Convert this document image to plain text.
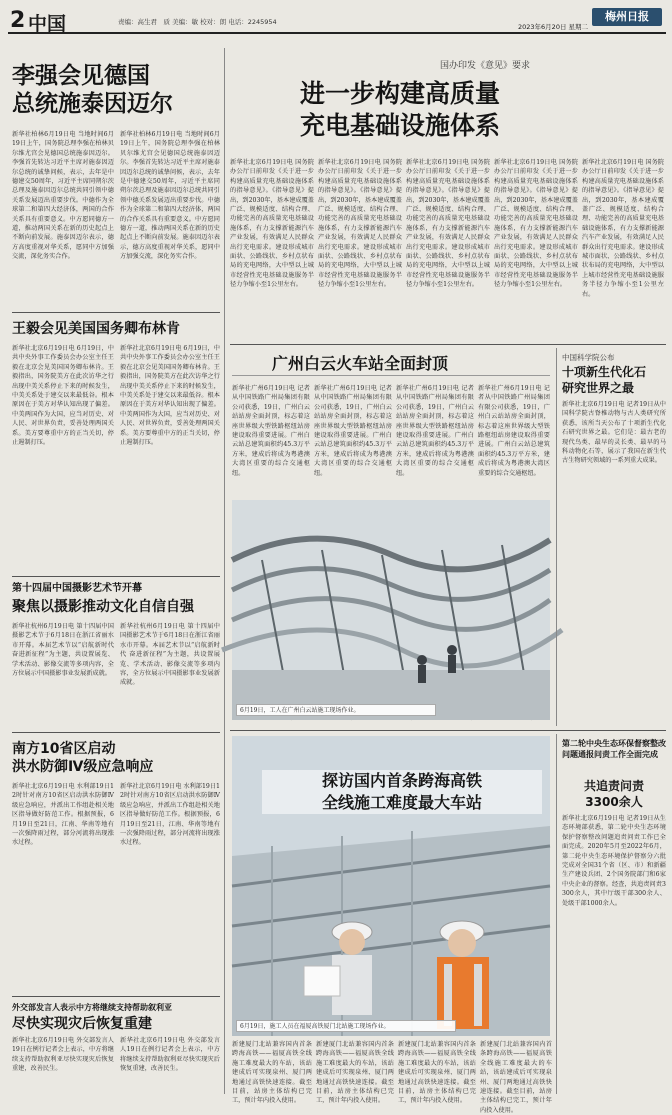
2 中国	责编：高生君　质 美编：敏 校对：朗 电话：2245954
2023年6月20日 星期二
梅州日报
李强会见德国
总统施泰因迈尔
新华社柏林6月19日电 当地时间6月19日上午，国务院总理李强在柏林贝尔维尤宫会见德国总统施泰因迈尔。李强首先转达习近平主席对施泰因迈尔总统的诚挚问候，表示，去年是中德建交50周年，习近平主席同朔尔茨总理及施泰因迈尔总统共同引领中德关系发展迈出重要步伐。中德作为全球第二和第四大经济体，两国的合作关系具有重要意义。中方愿同德方一道，推动两国关系在新的历史起点上不断向前发展。施泰因迈尔表示，德方高度重视对华关系，愿同中方加强交流，深化务实合作。
新华社柏林6月19日电 当地时间6月19日上午，国务院总理李强在柏林贝尔维尤宫会见德国总统施泰因迈尔。李强首先转达习近平主席对施泰因迈尔总统的诚挚问候，表示，去年是中德建交50周年，习近平主席同朔尔茨总理及施泰因迈尔总统共同引领中德关系发展迈出重要步伐。中德作为全球第二和第四大经济体，两国的合作关系具有重要意义。中方愿同德方一道，推动两国关系在新的历史起点上不断向前发展。施泰因迈尔表示，德方高度重视对华关系，愿同中方加强交流，深化务实合作。
王毅会见美国国务卿布林肯
新华社北京6月19日电 6月19日，中共中央外事工作委员会办公室主任王毅在北京会见美国国务卿布林肯。王毅指出，国务院美方在此次访华之行出现中美关系停止下来的时候发生，中美关系处于建交以来最低谷。根本原因在于美方对华认知出现了偏差。中美两国作为大国，应当对历史、对人民、对世界负责，妥善处理两国关系。美方要尊重中方的正当关切，停止遏制打压。
新华社北京6月19日电 6月19日，中共中央外事工作委员会办公室主任王毅在北京会见美国国务卿布林肯。王毅指出，国务院美方在此次访华之行出现中美关系停止下来的时候发生，中美关系处于建交以来最低谷。根本原因在于美方对华认知出现了偏差。中美两国作为大国，应当对历史、对人民、对世界负责，妥善处理两国关系。美方要尊重中方的正当关切，停止遏制打压。
第十四届中国摄影艺术节开幕
聚焦以摄影推动文化自信自强
新华社杭州6月19日电 第十四届中国摄影艺术节于6月18日在浙江省丽水市开幕。本届艺术节以“启航新时代 奋进新征程”为主题，共设置展览、学术活动、影像交流等多项内容，全方位展示中国摄影事业发展新成就。
新华社杭州6月19日电 第十四届中国摄影艺术节于6月18日在浙江省丽水市开幕。本届艺术节以“启航新时代 奋进新征程”为主题，共设置展览、学术活动、影像交流等多项内容，全方位展示中国摄影事业发展新成就。
南方10省区启动
洪水防御Ⅳ级应急响应
新华社北京6月19日电 水利部19日12时针对南方10省区启动洪水防御Ⅳ级应急响应，并派出工作组赴相关地区指导做好防范工作。根据预报，6月19日至21日，江南、华南等地有一次强降雨过程，部分河流将出现涨水过程。
新华社北京6月19日电 水利部19日12时针对南方10省区启动洪水防御Ⅳ级应急响应，并派出工作组赴相关地区指导做好防范工作。根据预报，6月19日至21日，江南、华南等地有一次强降雨过程，部分河流将出现涨水过程。
外交部发言人表示中方将继续支持帮助叙利亚
尽快实现灾后恢复重建
新华社北京6月19日电 外交部发言人19日在例行记者会上表示，中方将继续支持帮助叙利亚尽快实现灾后恢复重建，改善民生。
新华社北京6月19日电 外交部发言人19日在例行记者会上表示，中方将继续支持帮助叙利亚尽快实现灾后恢复重建，改善民生。
国办印发《意见》要求
进一步构建高质量
充电基础设施体系
新华社北京6月19日电 国务院办公厅日前印发《关于进一步构建高质量充电基础设施体系的指导意见》。《指导意见》提出，到2030年，基本建成覆盖广泛、规模适度、结构合理、功能完善的高质量充电基础设施体系，有力支撑新能源汽车产业发展，有效满足人民群众出行充电需求。建设形成城市面状、公路线状、乡村点状布局的充电网络，大中型以上城市经营性充电基础设施服务半径力争缩小至1公里左右。
新华社北京6月19日电 国务院办公厅日前印发《关于进一步构建高质量充电基础设施体系的指导意见》。《指导意见》提出，到2030年，基本建成覆盖广泛、规模适度、结构合理、功能完善的高质量充电基础设施体系，有力支撑新能源汽车产业发展，有效满足人民群众出行充电需求。建设形成城市面状、公路线状、乡村点状布局的充电网络，大中型以上城市经营性充电基础设施服务半径力争缩小至1公里左右。
新华社北京6月19日电 国务院办公厅日前印发《关于进一步构建高质量充电基础设施体系的指导意见》。《指导意见》提出，到2030年，基本建成覆盖广泛、规模适度、结构合理、功能完善的高质量充电基础设施体系，有力支撑新能源汽车产业发展，有效满足人民群众出行充电需求。建设形成城市面状、公路线状、乡村点状布局的充电网络，大中型以上城市经营性充电基础设施服务半径力争缩小至1公里左右。
新华社北京6月19日电 国务院办公厅日前印发《关于进一步构建高质量充电基础设施体系的指导意见》。《指导意见》提出，到2030年，基本建成覆盖广泛、规模适度、结构合理、功能完善的高质量充电基础设施体系，有力支撑新能源汽车产业发展，有效满足人民群众出行充电需求。建设形成城市面状、公路线状、乡村点状布局的充电网络，大中型以上城市经营性充电基础设施服务半径力争缩小至1公里左右。
新华社北京6月19日电 国务院办公厅日前印发《关于进一步构建高质量充电基础设施体系的指导意见》。《指导意见》提出，到2030年，基本建成覆盖广泛、规模适度、结构合理、功能完善的高质量充电基础设施体系，有力支撑新能源汽车产业发展，有效满足人民群众出行充电需求。建设形成城市面状、公路线状、乡村点状布局的充电网络，大中型以上城市经营性充电基础设施服务半径力争缩小至1公里左右。
广州白云火车站全面封顶
新华社广州6月19日电 记者从中国铁路广州局集团有限公司获悉，19日，广州白云站站房全面封顶，标志着这座世界级大型铁路枢纽站房建设取得重要进展。广州白云站总建筑面积约45.3万平方米，建成后将成为粤港澳大湾区重要的综合交通枢纽。
新华社广州6月19日电 记者从中国铁路广州局集团有限公司获悉，19日，广州白云站站房全面封顶，标志着这座世界级大型铁路枢纽站房建设取得重要进展。广州白云站总建筑面积约45.3万平方米，建成后将成为粤港澳大湾区重要的综合交通枢纽。
新华社广州6月19日电 记者从中国铁路广州局集团有限公司获悉，19日，广州白云站站房全面封顶，标志着这座世界级大型铁路枢纽站房建设取得重要进展。广州白云站总建筑面积约45.3万平方米，建成后将成为粤港澳大湾区重要的综合交通枢纽。
新华社广州6月19日电 记者从中国铁路广州局集团有限公司获悉，19日，广州白云站站房全面封顶，标志着这座世界级大型铁路枢纽站房建设取得重要进展。广州白云站总建筑面积约45.3万平方米，建成后将成为粤港澳大湾区重要的综合交通枢纽。
6月19日，工人在广州白云站施工现场作业。
中国科学院公布
十项新生代化石
研究世界之最
新华社北京6月19日电 记者19日从中国科学院古脊椎动物与古人类研究所获悉，该所当天公布了十项新生代化石研究世界之最。它们是：最古老的现代鸟类、最早的灵长类、最早的马科动物化石等，展示了我国在新生代古生物研究领域的一系列重大成果。
探访国内首条跨海高铁
全线施工难度最大车站
6月19日，施工人员在福厦高铁厦门北站施工现场作业。
新建厦门北站兼容国内首条跨海高铁——福厦高铁全线施工难度最大的车站，该站建成后可实现泉州、厦门两地通过高铁快速连接。截至目前，站房主体结构已完工，预计年内投入使用。
新建厦门北站兼容国内首条跨海高铁——福厦高铁全线施工难度最大的车站，该站建成后可实现泉州、厦门两地通过高铁快速连接。截至目前，站房主体结构已完工，预计年内投入使用。
新建厦门北站兼容国内首条跨海高铁——福厦高铁全线施工难度最大的车站，该站建成后可实现泉州、厦门两地通过高铁快速连接。截至目前，站房主体结构已完工，预计年内投入使用。
新建厦门北站兼容国内首条跨海高铁——福厦高铁全线施工难度最大的车站，该站建成后可实现泉州、厦门两地通过高铁快速连接。截至目前，站房主体结构已完工，预计年内投入使用。
第二轮中央生态环保督察整改问题通报问责工作全面完成
共追责问责
3300余人
新华社北京6月19日电 记者19日从生态环境部获悉，第二轮中央生态环境保护督察整改问题追责问责工作已全面完成。2020年5月至2022年6月，第二轮中央生态环境保护督察分六批完成对全国31个省（区、市）和新疆生产建设兵团、2个国务院部门和6家中央企业的督察。经查，共追责问责3300余人，其中厅级干部300余人、处级干部1000余人。
